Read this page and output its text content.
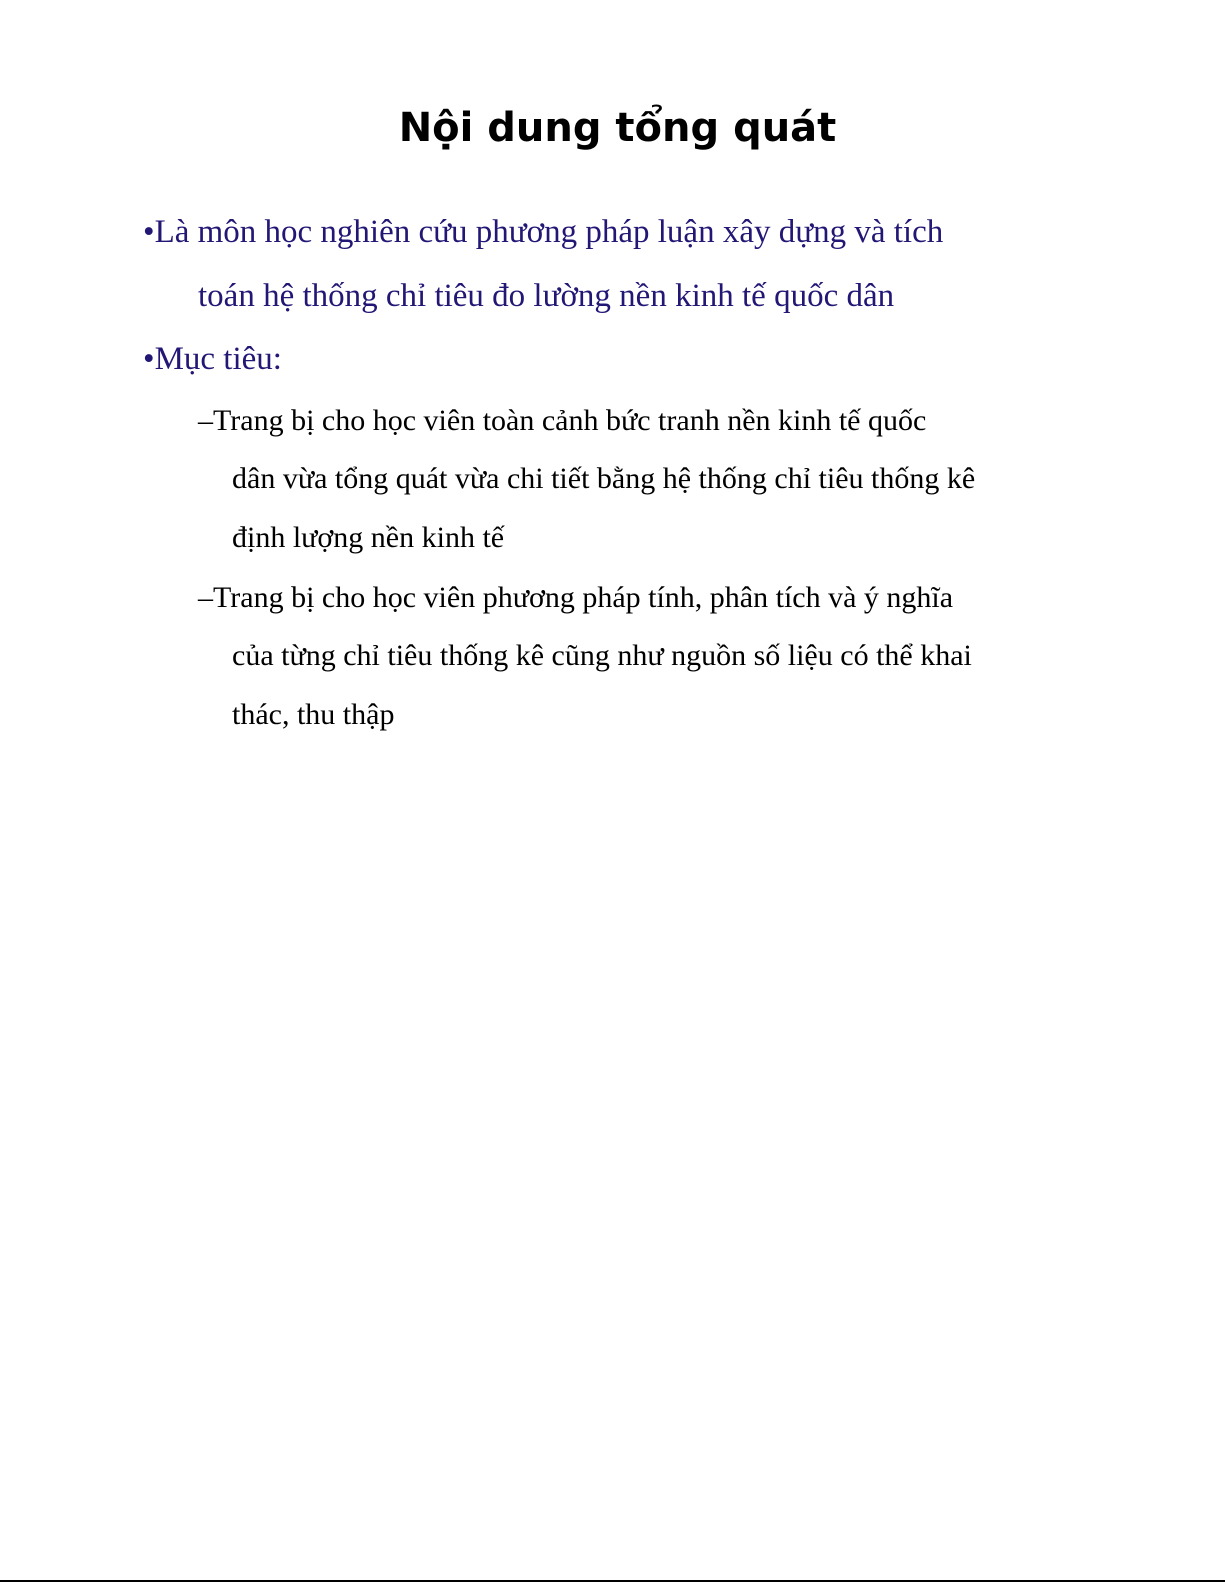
Nội dung tổng quát
•Là môn học nghiên cứu phương pháp luận xây dựng và tích
toán hệ thống chỉ tiêu đo lường nền kinh tế quốc dân
•Mục tiêu:
–Trang bị cho học viên toàn cảnh bức tranh nền kinh tế quốc
dân vừa tổng quát vừa chi tiết bằng hệ thống chỉ tiêu thống kê
định lượng nền kinh tế
–Trang bị cho học viên phương pháp tính, phân tích và ý nghĩa
của từng chỉ tiêu thống kê cũng như nguồn số liệu có thể khai
thác, thu thập
